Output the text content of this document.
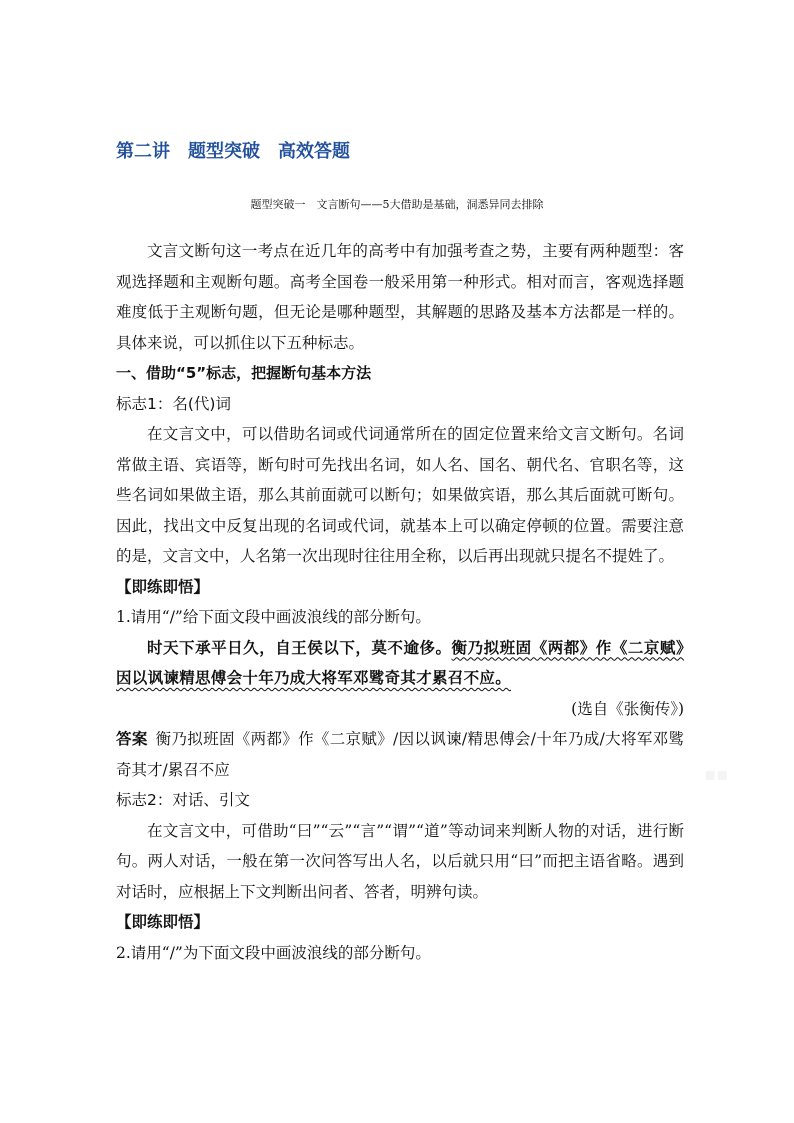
第二讲　题型突破　高效答题

题型突破一　文言断句——5大借助是基础，洞悉异同去排除

文言文断句这一考点在近几年的高考中有加强考查之势，主要有两种题型：客观选择题和主观断句题。高考全国卷一般采用第一种形式。相对而言，客观选择题难度低于主观断句题，但无论是哪种题型，其解题的思路及基本方法都是一样的。具体来说，可以抓住以下五种标志。

一、借助“5”标志，把握断句基本方法

标志1：名(代)词

在文言文中，可以借助名词或代词通常所在的固定位置来给文言文断句。名词常做主语、宾语等，断句时可先找出名词，如人名、国名、朝代名、官职名等，这些名词如果做主语，那么其前面就可以断句；如果做宾语，那么其后面就可断句。因此，找出文中反复出现的名词或代词，就基本上可以确定停顿的位置。需要注意的是，文言文中，人名第一次出现时往往用全称，以后再出现就只提名不提姓了。

【即练即悟】

1.请用“/”给下面文段中画波浪线的部分断句。

时天下承平日久，自王侯以下，莫不逾侈。衡乃拟班固《两都》作《二京赋》因以讽谏精思傅会十年乃成大将军邓骘奇其才累召不应。

(选自《张衡传》)

答案 衡乃拟班固《两都》作《二京赋》/因以讽谏/精思傅会/十年乃成/大将军邓骘奇其才/累召不应

标志2：对话、引文

在文言文中，可借助“曰”“云”“言”“谓”“道”等动词来判断人物的对话，进行断句。两人对话，一般在第一次问答写出人名，以后就只用“曰”而把主语省略。遇到对话时，应根据上下文判断出问者、答者，明辨句读。

【即练即悟】

2.请用“/”为下面文段中画波浪线的部分断句。

▪▪
